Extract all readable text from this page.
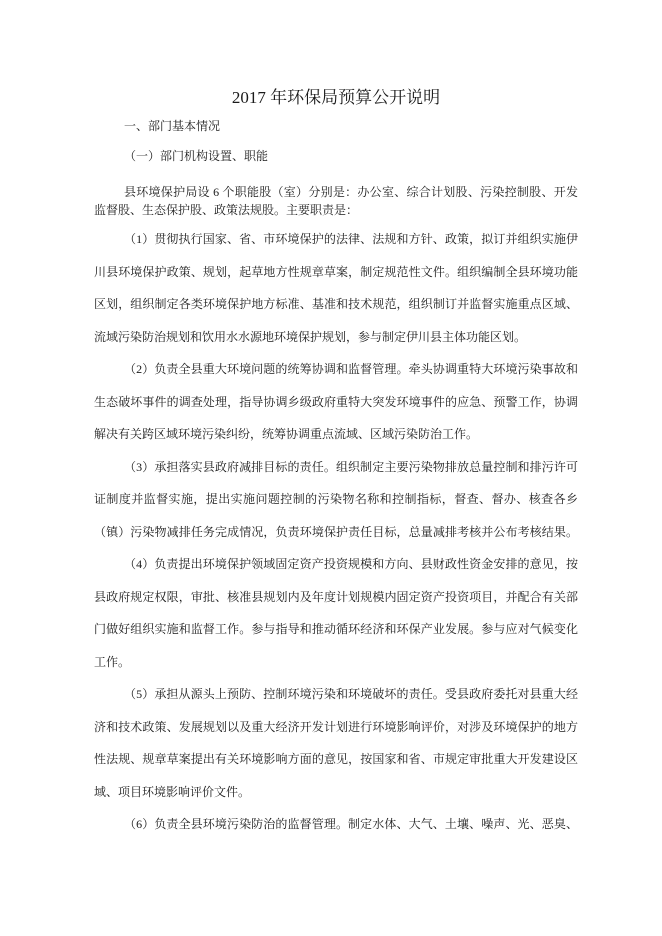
2017 年环保局预算公开说明
一、部门基本情况
（一）部门机构设置、职能
县环境保护局设 6 个职能股（室）分别是：办公室、综合计划股、污染控制股、开发
监督股、生态保护股、政策法规股。主要职责是：
（1）贯彻执行国家、省、市环境保护的法律、法规和方针、政策，拟订并组织实施伊
川县环境保护政策、规划，起草地方性规章草案，制定规范性文件。组织编制全县环境功能
区划，组织制定各类环境保护地方标准、基准和技术规范，组织制订并监督实施重点区域、
流域污染防治规划和饮用水水源地环境保护规划，参与制定伊川县主体功能区划。
（2）负责全县重大环境问题的统筹协调和监督管理。牵头协调重特大环境污染事故和
生态破坏事件的调查处理，指导协调乡级政府重特大突发环境事件的应急、预警工作，协调
解决有关跨区域环境污染纠纷，统筹协调重点流域、区域污染防治工作。
（3）承担落实县政府减排目标的责任。组织制定主要污染物排放总量控制和排污许可
证制度并监督实施，提出实施问题控制的污染物名称和控制指标，督查、督办、核查各乡
（镇）污染物减排任务完成情况，负责环境保护责任目标，总量减排考核并公布考核结果。
（4）负责提出环境保护领域固定资产投资规模和方向、县财政性资金安排的意见，按
县政府规定权限，审批、核准县规划内及年度计划规模内固定资产投资项目，并配合有关部
门做好组织实施和监督工作。参与指导和推动循环经济和环保产业发展。参与应对气候变化
工作。
（5）承担从源头上预防、控制环境污染和环境破坏的责任。受县政府委托对县重大经
济和技术政策、发展规划以及重大经济开发计划进行环境影响评价，对涉及环境保护的地方
性法规、规章草案提出有关环境影响方面的意见，按国家和省、市规定审批重大开发建设区
域、项目环境影响评价文件。
（6）负责全县环境污染防治的监督管理。制定水体、大气、土壤、噪声、光、恶臭、
